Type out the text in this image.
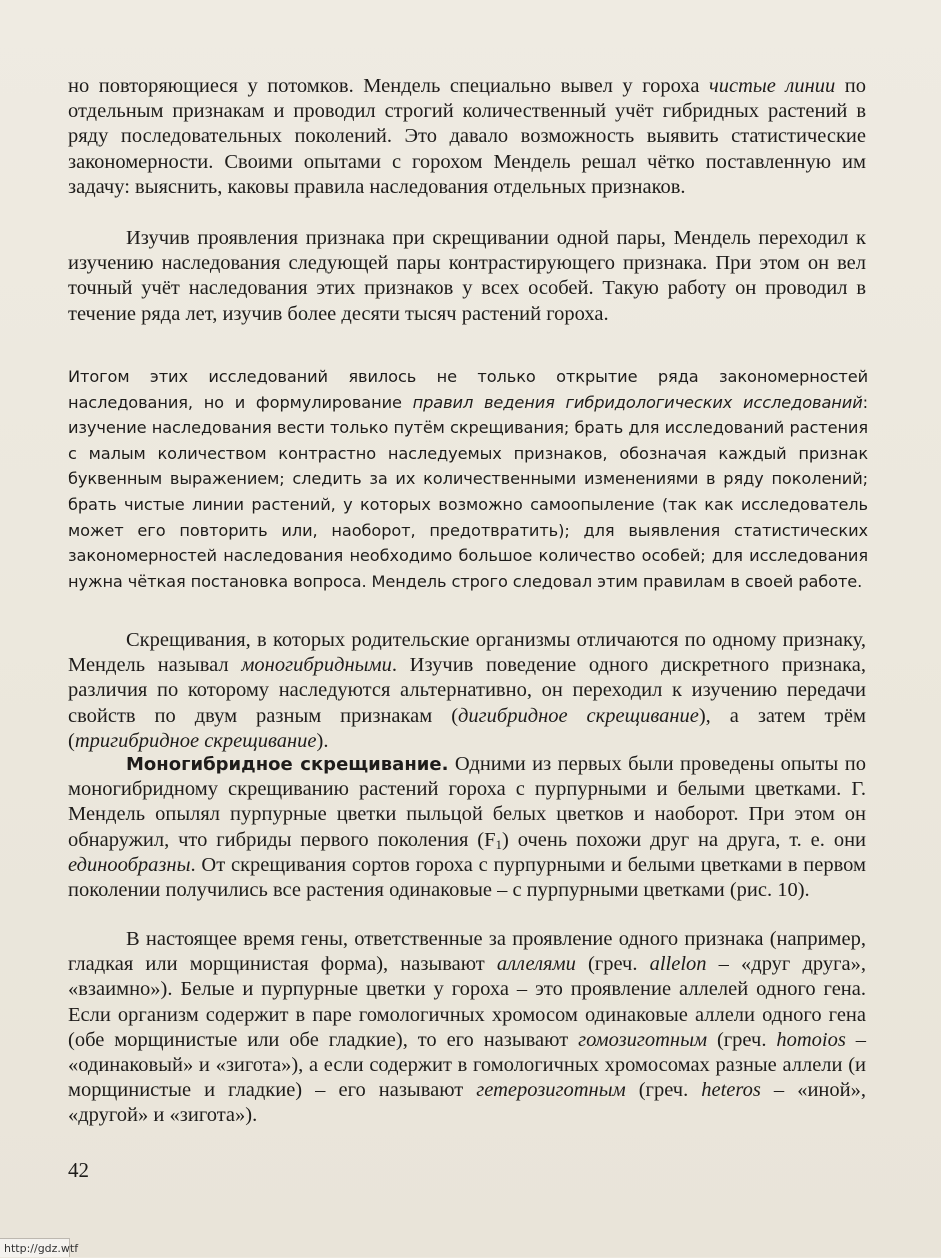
но повторяющиеся у потомков. Мендель специально вывел у гороха чистые линии по отдельным признакам и проводил строгий количественный учёт гибридных растений в ряду последовательных поколений. Это давало возможность выявить статистические закономерности. Своими опытами с горохом Мендель решал чётко поставленную им задачу: выяснить, каковы правила наследования отдельных признаков.

Изучив проявления признака при скрещивании одной пары, Мендель переходил к изучению наследования следующей пары контрастирующего признака. При этом он вел точный учёт наследования этих признаков у всех особей. Такую работу он проводил в течение ряда лет, изучив более десяти тысяч растений гороха.

Итогом этих исследований явилось не только открытие ряда закономерностей наследования, но и формулирование правил ведения гибридологических исследований: изучение наследования вести только путём скрещивания; брать для исследований растения с малым количеством контрастно наследуемых признаков, обозначая каждый признак буквенным выражением; следить за их количественными изменениями в ряду поколений; брать чистые линии растений, у которых возможно самоопыление (так как исследователь может его повторить или, наоборот, предотвратить); для выявления статистических закономерностей наследования необходимо большое количество особей; для исследования нужна чёткая постановка вопроса. Мендель строго следовал этим правилам в своей работе.

Скрещивания, в которых родительские организмы отличаются по одному признаку, Мендель называл моногибридными. Изучив поведение одного дискретного признака, различия по которому наследуются альтернативно, он переходил к изучению передачи свойств по двум разным признакам (дигибридное скрещивание), а затем трём (тригибридное скрещивание).

Моногибридное скрещивание. Одними из первых были проведены опыты по моногибридному скрещиванию растений гороха с пурпурными и белыми цветками. Г. Мендель опылял пурпурные цветки пыльцой белых цветков и наоборот. При этом он обнаружил, что гибриды первого поколения $(F_1)$ очень похожи друг на друга, т. е. они единообразны. От скрещивания сортов гороха с пурпурными и белыми цветками в первом поколении получились все растения одинаковые – с пурпурными цветками (рис. 10).

В настоящее время гены, ответственные за проявление одного признака (например, гладкая или морщинистая форма), называют аллелями (греч. allelon – «друг друга», «взаимно»). Белые и пурпурные цветки у гороха – это проявление аллелей одного гена. Если организм содержит в паре гомологичных хромосом одинаковые аллели одного гена (обе морщинистые или обе гладкие), то его называют гомозиготным (греч. homoios – «одинаковый» и «зигота»), а если содержит в гомологичных хромосомах разные аллели (и морщинистые и гладкие) – его называют гетерозиготным (греч. heteros – «иной», «другой» и «зигота»).

42
http://gdz.wtf
